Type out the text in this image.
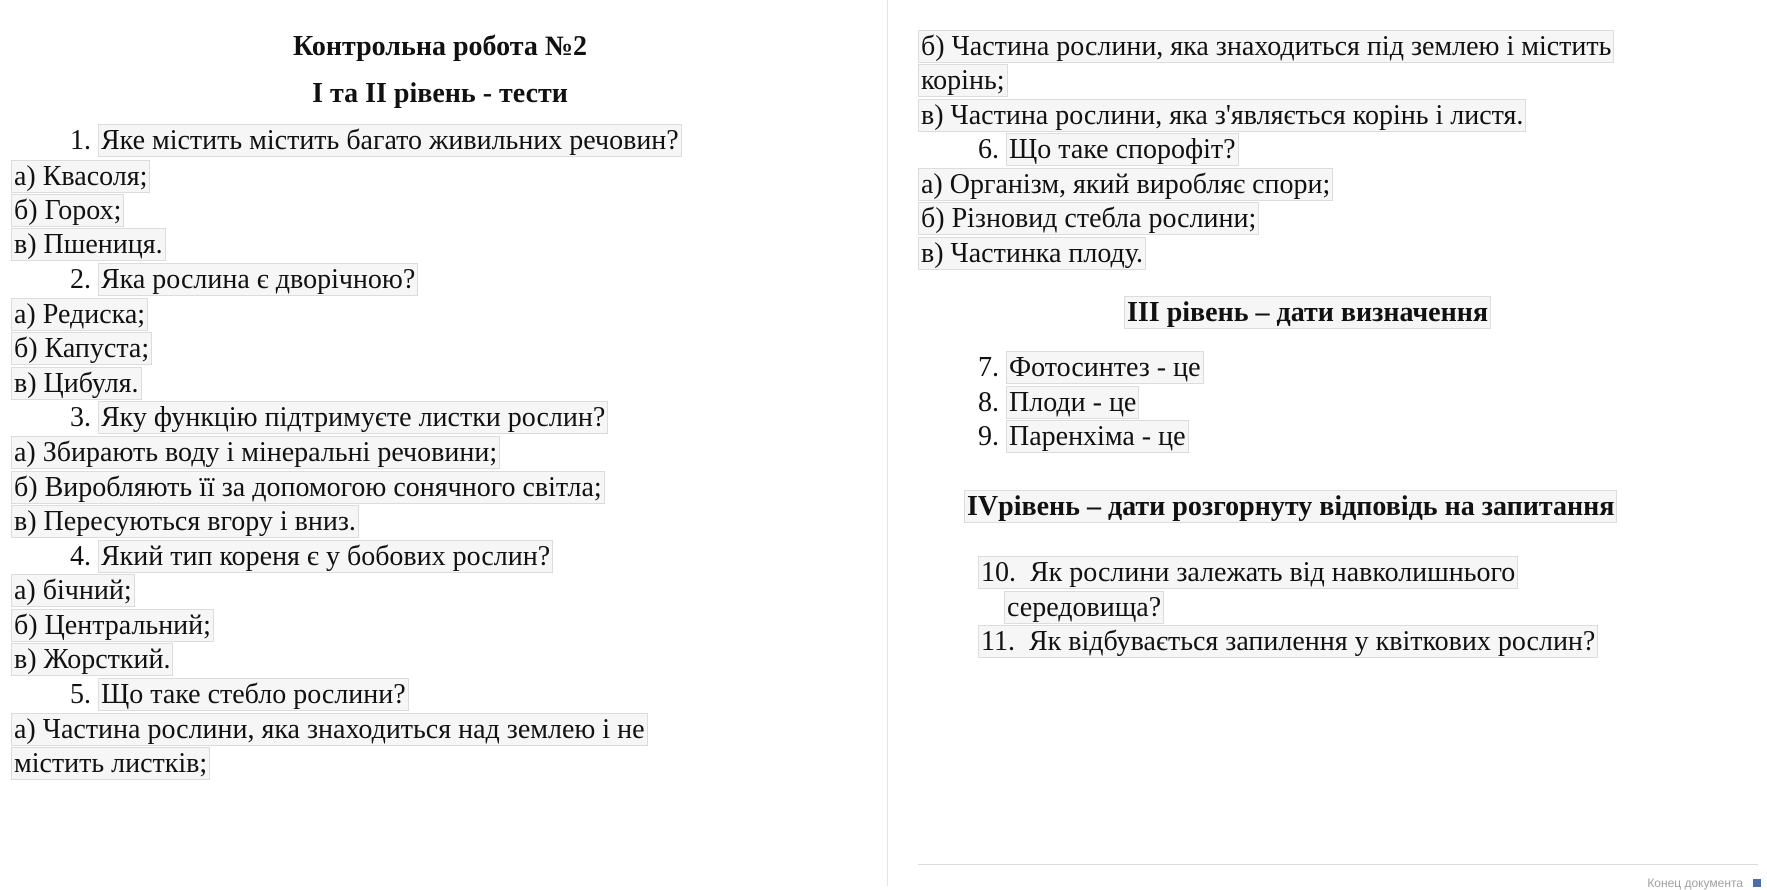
Контрольна робота №2
І та ІІ рівень - тести
1. Яке містить містить багато живильних речовин?
а) Квасоля;
б) Горох;
в) Пшениця.
2. Яка рослина є дворічною?
а) Редиска;
б) Капуста;
в) Цибуля.
3. Яку функцію підтримуєте листки рослин?
а) Збирають воду і мінеральні речовини;
б) Виробляють її за допомогою сонячного світла;
в) Пересуються вгору і вниз.
4. Який тип кореня є у бобових рослин?
а) бічний;
б) Центральний;
в) Жорсткий.
5. Що таке стебло рослини?
а) Частина рослини, яка знаходиться над землею і не
містить листків;
б) Частина рослини, яка знаходиться під землею і містить
корінь;
в) Частина рослини, яка з'являється корінь і листя.
6. Що таке спорофіт?
а) Організм, який виробляє спори;
б) Різновид стебла рослини;
в) Частинка плоду.
ІІІ рівень – дати визначення
7. Фотосинтез - це
8. Плоди - це
9. Паренхіма - це
IVрівень – дати розгорнуту відповідь на запитання
10. Як рослини залежать від навколишнього
середовища?
11. Як відбувається запилення у квіткових рослин?
Конец документа
